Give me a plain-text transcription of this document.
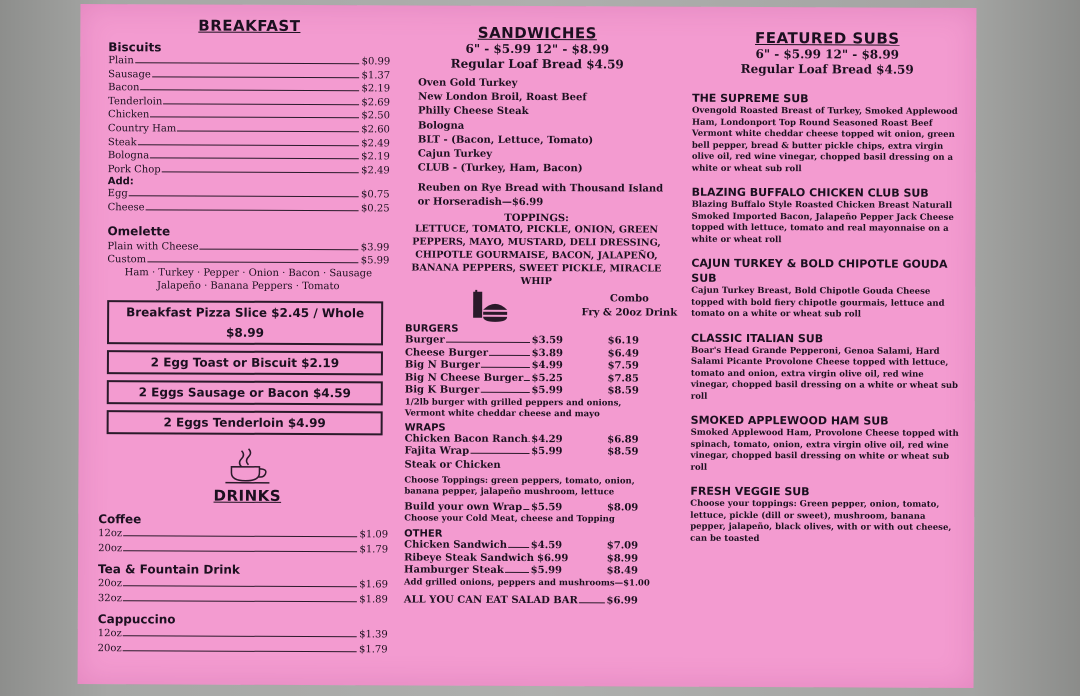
BREAKFAST
Biscuits
Plain	$0.99
Sausage	$1.37
Bacon	$2.19
Tenderloin	$2.69
Chicken	$2.50
Country Ham	$2.60
Steak	$2.49
Bologna	$2.19
Pork Chop	$2.49
Add:
Egg	$0.75
Cheese	$0.25
Omelette
Plain with Cheese	$3.99
Custom	$5.99
Ham · Turkey · Pepper · Onion · Bacon · Sausage
Jalapeño · Banana Peppers · Tomato
Breakfast Pizza Slice $2.45 / Whole $8.99
2 Egg Toast or Biscuit $2.19
2 Eggs Sausage or Bacon $4.59
2 Eggs Tenderloin $4.99
DRINKS
Coffee
12oz	$1.09
20oz	$1.79
Tea & Fountain Drink
20oz	$1.69
32oz	$1.89
Cappuccino
12oz	$1.39
20oz	$1.79
SANDWICHES
6" - $5.99 12" - $8.99
Regular Loaf Bread $4.59
Oven Gold Turkey
New London Broil, Roast Beef
Philly Cheese Steak
Bologna
BLT - (Bacon, Lettuce, Tomato)
Cajun Turkey
CLUB - (Turkey, Ham, Bacon)
Reuben on Rye Bread with Thousand Island
or Horseradish—$6.99
TOPPINGS:
LETTUCE, TOMATO, PICKLE, ONION, GREEN PEPPERS, MAYO, MUSTARD, DELI DRESSING, CHIPOTLE GOURMAISE, BACON, JALAPEÑO, BANANA PEPPERS, SWEET PICKLE, MIRACLE WHIP
Combo
Fry & 20oz Drink
BURGERS
Burger	$3.59	$6.19
Cheese Burger	$3.89	$6.49
Big N Burger	$4.99	$7.59
Big N Cheese Burger $5.25	$7.85
Big K Burger	$5.99	$8.59
1/2lb burger with grilled peppers and onions, Vermont white cheddar cheese and mayo
WRAPS
Chicken Bacon Ranch $4.29	$6.89
Fajita Wrap	$5.99	$8.59
Steak or Chicken
Choose Toppings: green peppers, tomato, onion, banana pepper, jalapeño mushroom, lettuce
Build your own Wrap $5.59	$8.09
Choose your Cold Meat, cheese and Topping
OTHER
Chicken Sandwich $4.59	$7.09
Ribeye Steak Sandwich $6.99	$8.99
Hamburger Steak	$5.99	$8.49
Add grilled onions, peppers and mushrooms—$1.00
ALL YOU CAN EAT SALAD BAR	$6.99
FEATURED SUBS
6" - $5.99 12" - $8.99
Regular Loaf Bread $4.59
THE SUPREME SUB
Ovengold Roasted Breast of Turkey, Smoked Applewood Ham, Londonport Top Round Seasoned Roast Beef Vermont white cheddar cheese topped wit onion, green bell pepper, bread & butter pickle chips, extra virgin olive oil, red wine vinegar, chopped basil dressing on a white or wheat sub roll
BLAZING BUFFALO CHICKEN CLUB SUB
Blazing Buffalo Style Roasted Chicken Breast Naturall Smoked Imported Bacon, Jalapeño Pepper Jack Cheese topped with lettuce, tomato and real mayonnaise on a white or wheat roll
CAJUN TURKEY & BOLD CHIPOTLE GOUDA SUB
Cajun Turkey Breast, Bold Chipotle Gouda Cheese topped with bold fiery chipotle gourmais, lettuce and tomato on a white or wheat sub roll
CLASSIC ITALIAN SUB
Boar's Head Grande Pepperoni, Genoa Salami, Hard Salami Picante Provolone Cheese topped with lettuce, tomato and onion, extra virgin olive oil, red wine vinegar, chopped basil dressing on a white or wheat sub roll
SMOKED APPLEWOOD HAM SUB
Smoked Applewood Ham, Provolone Cheese topped with spinach, tomato, onion, extra virgin olive oil, red wine vinegar, chopped basil dressing on white or wheat sub roll
FRESH VEGGIE SUB
Choose your toppings: Green pepper, onion, tomato, lettuce, pickle (dill or sweet), mushroom, banana pepper, jalapeño, black olives, with or with out cheese, can be toasted
